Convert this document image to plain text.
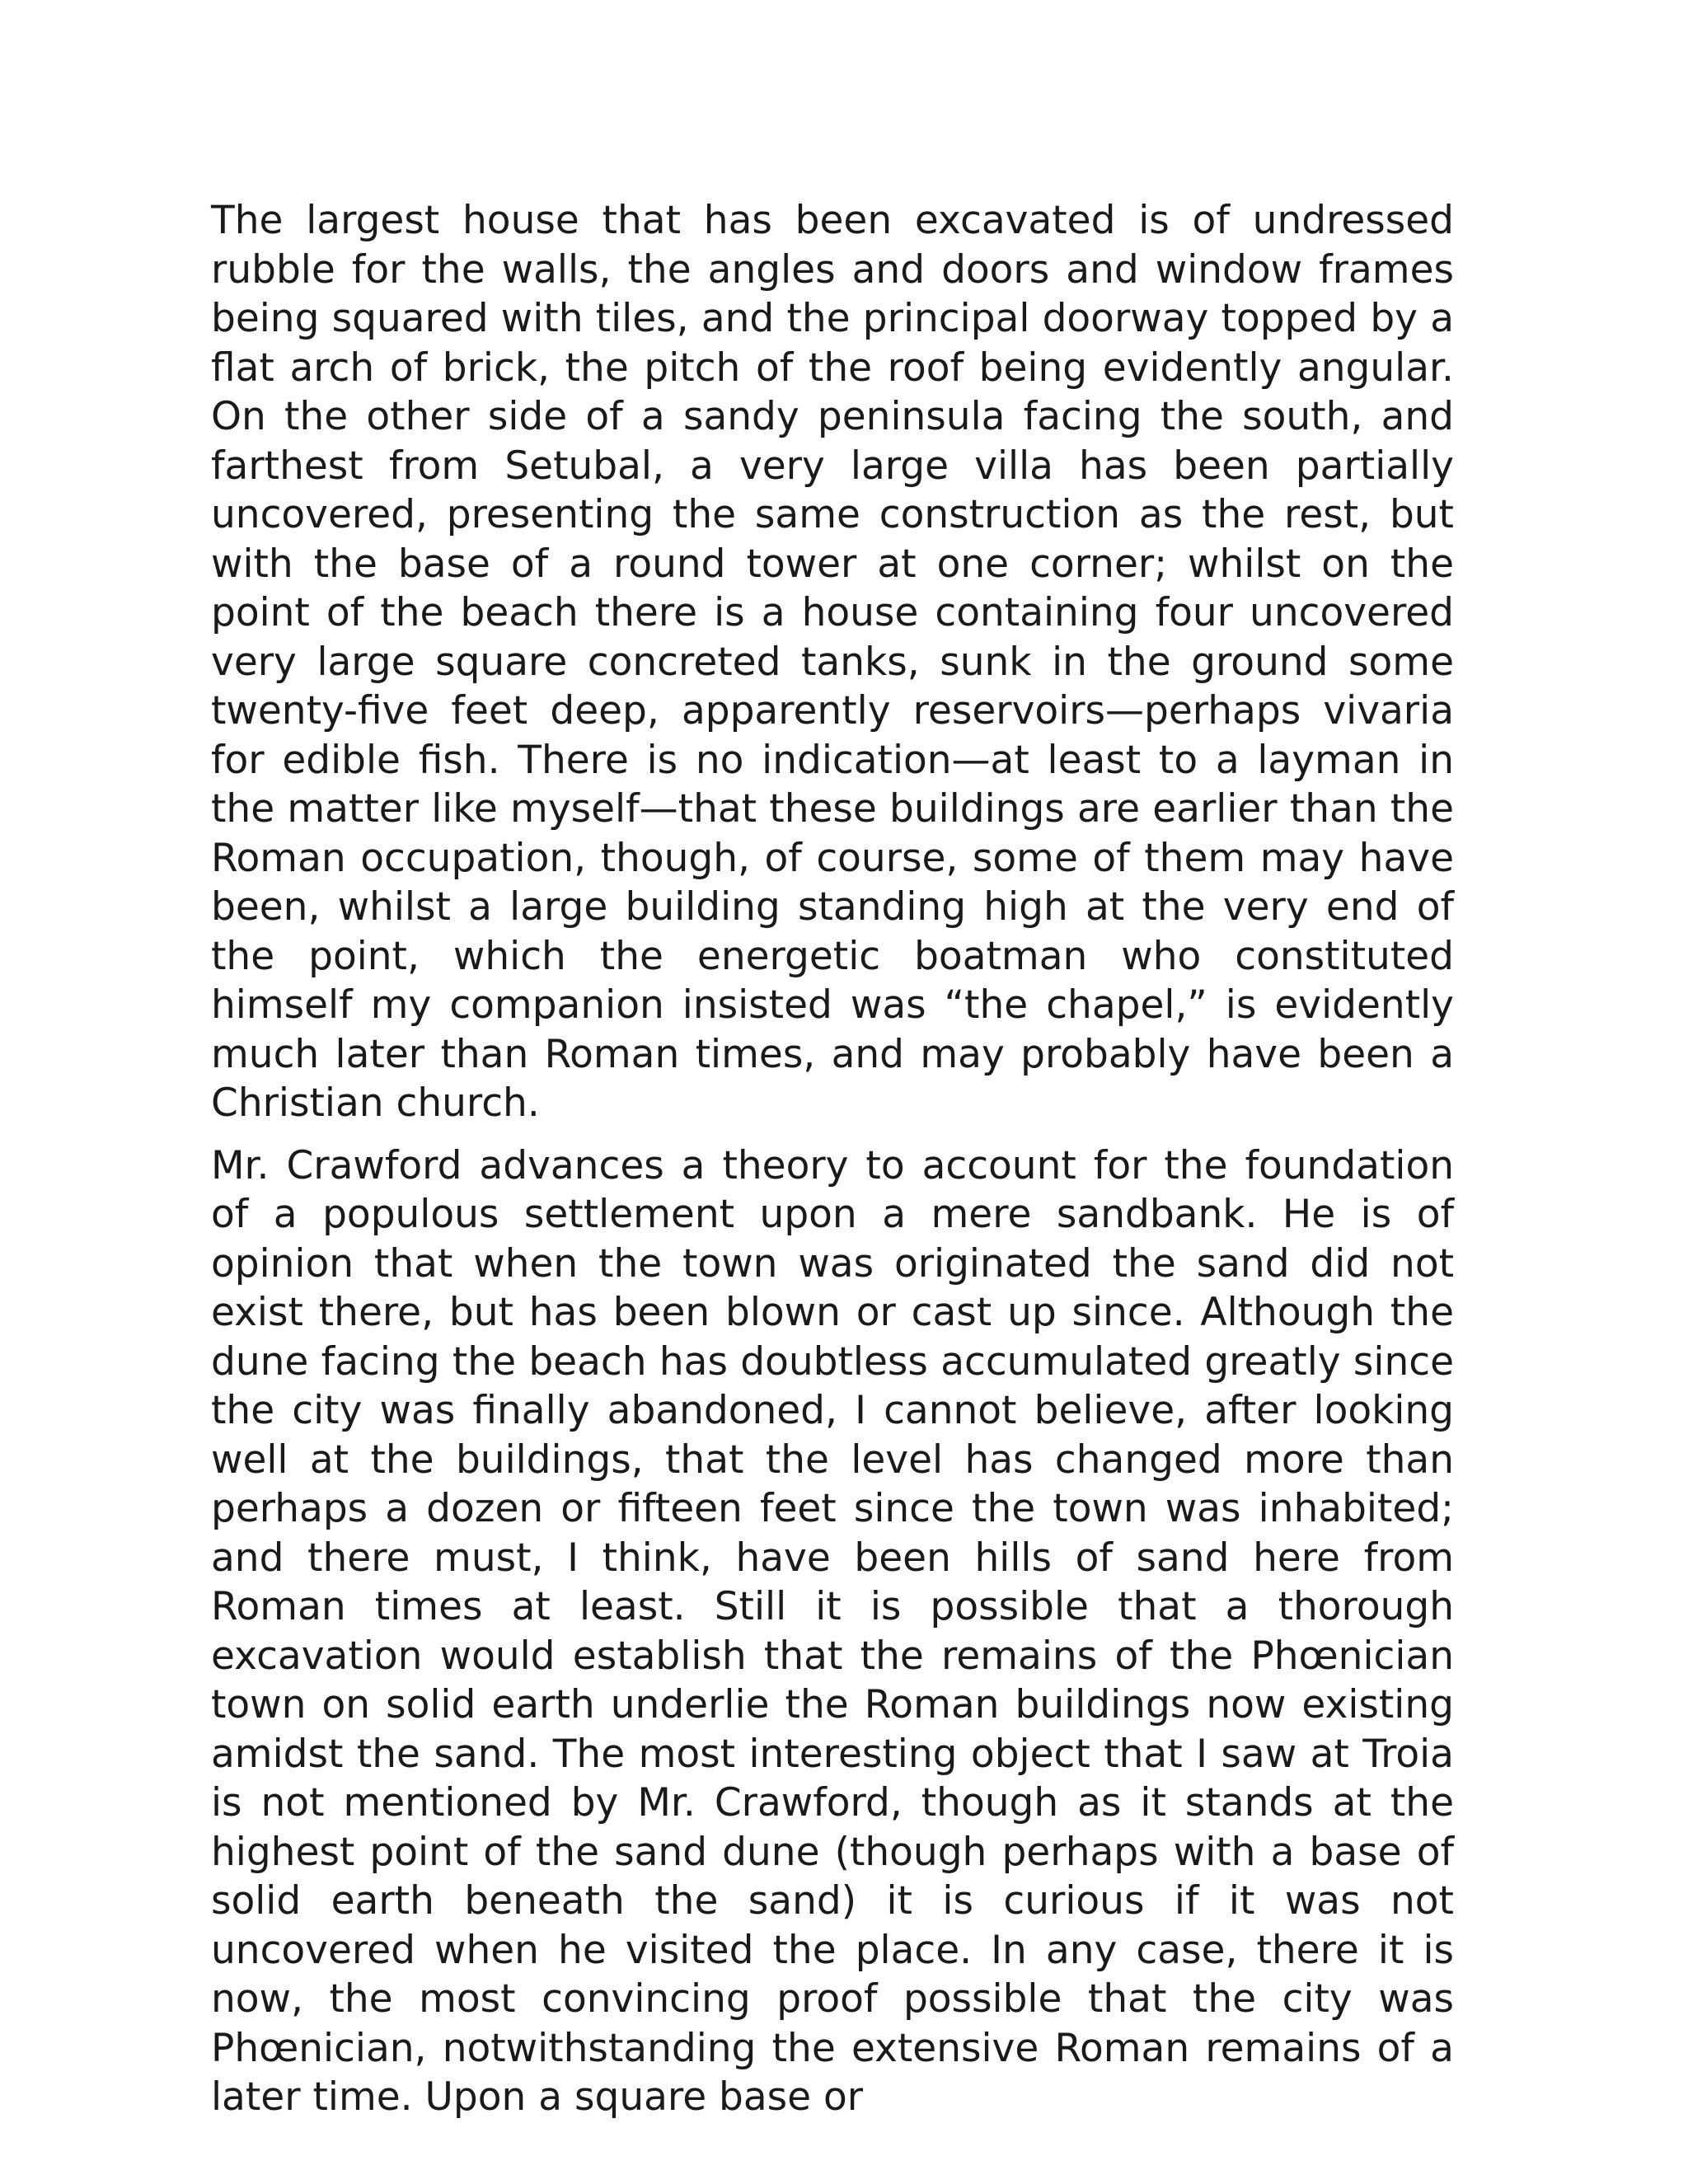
The largest house that has been excavated is of undressed rubble for the walls, the angles and doors and window frames being squared with tiles, and the principal doorway topped by a flat arch of brick, the pitch of the roof being evidently angular. On the other side of a sandy peninsula facing the south, and farthest from Setubal, a very large villa has been partially uncovered, presenting the same construction as the rest, but with the base of a round tower at one corner; whilst on the point of the beach there is a house containing four uncovered very large square concreted tanks, sunk in the ground some twenty-five feet deep, apparently reservoirs—perhaps vivaria for edible fish. There is no indication—at least to a layman in the matter like myself—that these buildings are earlier than the Roman occupation, though, of course, some of them may have been, whilst a large building standing high at the very end of the point, which the energetic boatman who constituted himself my companion insisted was “the chapel,” is evidently much later than Roman times, and may probably have been a Christian church.

Mr. Crawford advances a theory to account for the foundation of a populous settlement upon a mere sandbank. He is of opinion that when the town was originated the sand did not exist there, but has been blown or cast up since. Although the dune facing the beach has doubtless accumulated greatly since the city was finally abandoned, I cannot believe, after looking well at the buildings, that the level has changed more than perhaps a dozen or fifteen feet since the town was inhabited; and there must, I think, have been hills of sand here from Roman times at least. Still it is possible that a thorough excavation would establish that the remains of the Phœnician town on solid earth underlie the Roman buildings now existing amidst the sand. The most interesting object that I saw at Troia is not mentioned by Mr. Crawford, though as it stands at the highest point of the sand dune (though perhaps with a base of solid earth beneath the sand) it is curious if it was not uncovered when he visited the place. In any case, there it is now, the most convincing proof possible that the city was Phœnician, notwithstanding the extensive Roman remains of a later time. Upon a square base or
